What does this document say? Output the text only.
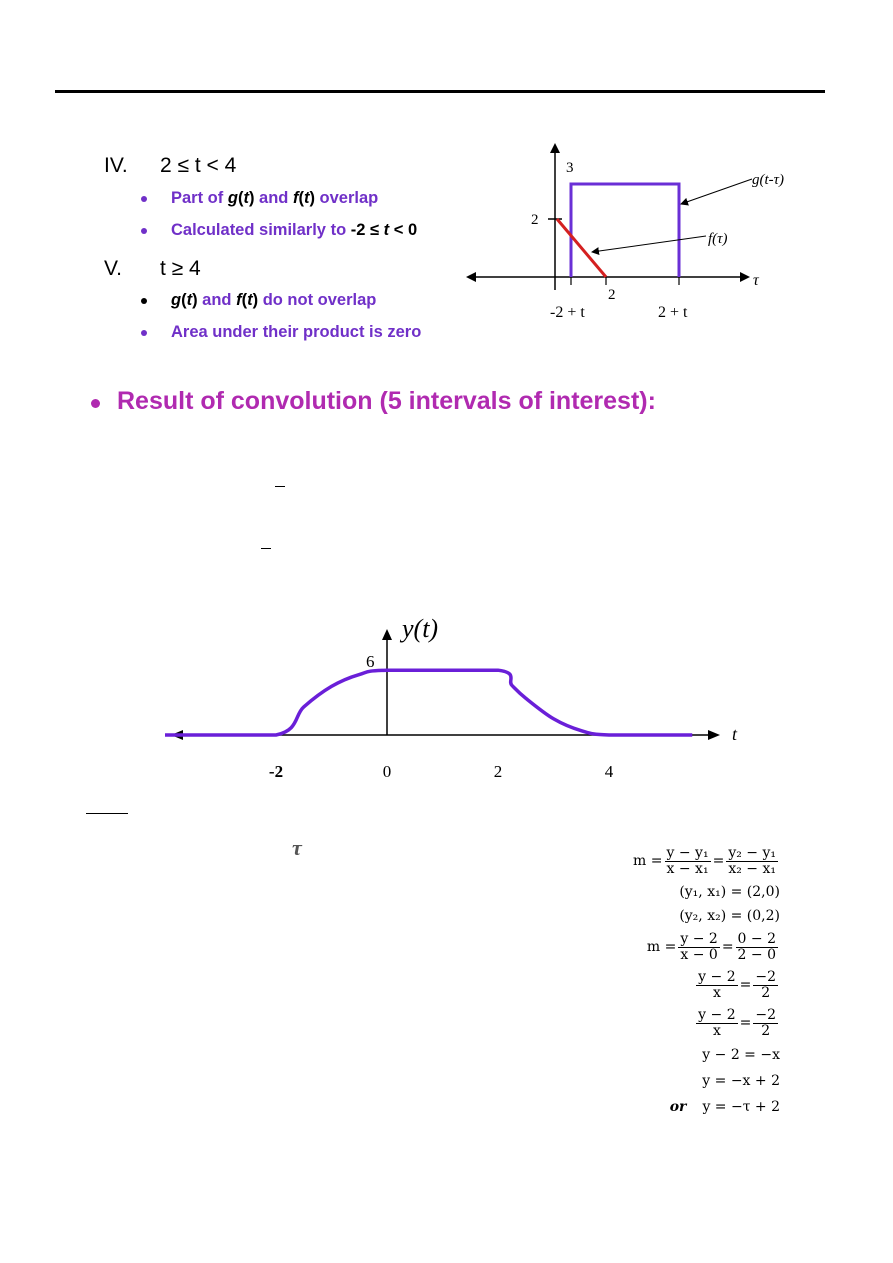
IV. 2 ≤ t < 4
Part of g(t) and f(t) overlap
Calculated similarly to -2 ≤ t < 0
V. t ≥ 4
g(t) and f(t) do not overlap
Area under their product is zero
3
2
τ
-2 + t
2
2 + t
g(t-τ)
f(τ)
Result of convolution (5 intervals of interest):
y(t)
t
-2	0	2	4
6
τ
$m = \frac{\text{y − y₁}}{\text{x − x₁}} = \frac{\text{y₂ − y₁}}{\text{x₂ − x₁}}$
(y₁, x₁) = (2,0)
(y₂, x₂) = (0,2)
$m = \frac{y - 2}{x - 0} = \frac{0 - 2}{2 - 0}$
$\frac{y - 2}{x} = \frac{-2}{2}$
$\frac{y - 2}{x} = \frac{-2}{2}$
y − 2 = −x
y = −x + 2
or y = −τ + 2
